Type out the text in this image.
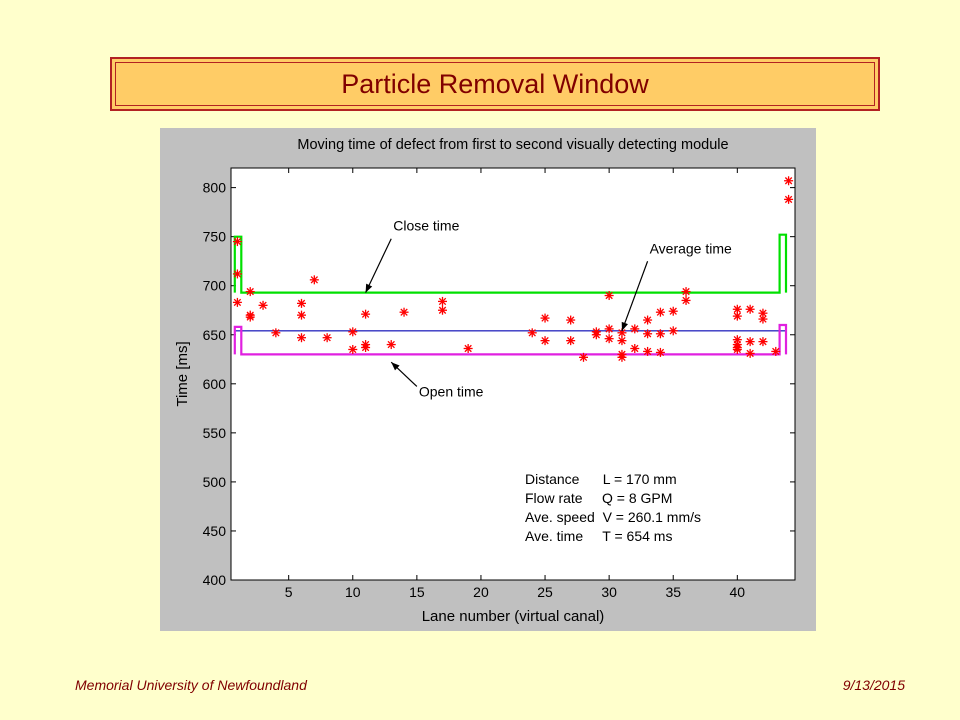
Particle Removal Window
Moving time of defect from first to second visually detecting module
Lane number (virtual canal)
Time [ms]
5	10	15	20	25	30	35	40
400
450
500
550
600
650
700
750
800
Close time
Average time
Open time
Distance      L = 170 mm
Flow rate     Q = 8 GPM
Ave. speed  V = 260.1 mm/s
Ave. time     T = 654 ms
Memorial University of Newfoundland	9/13/2015
